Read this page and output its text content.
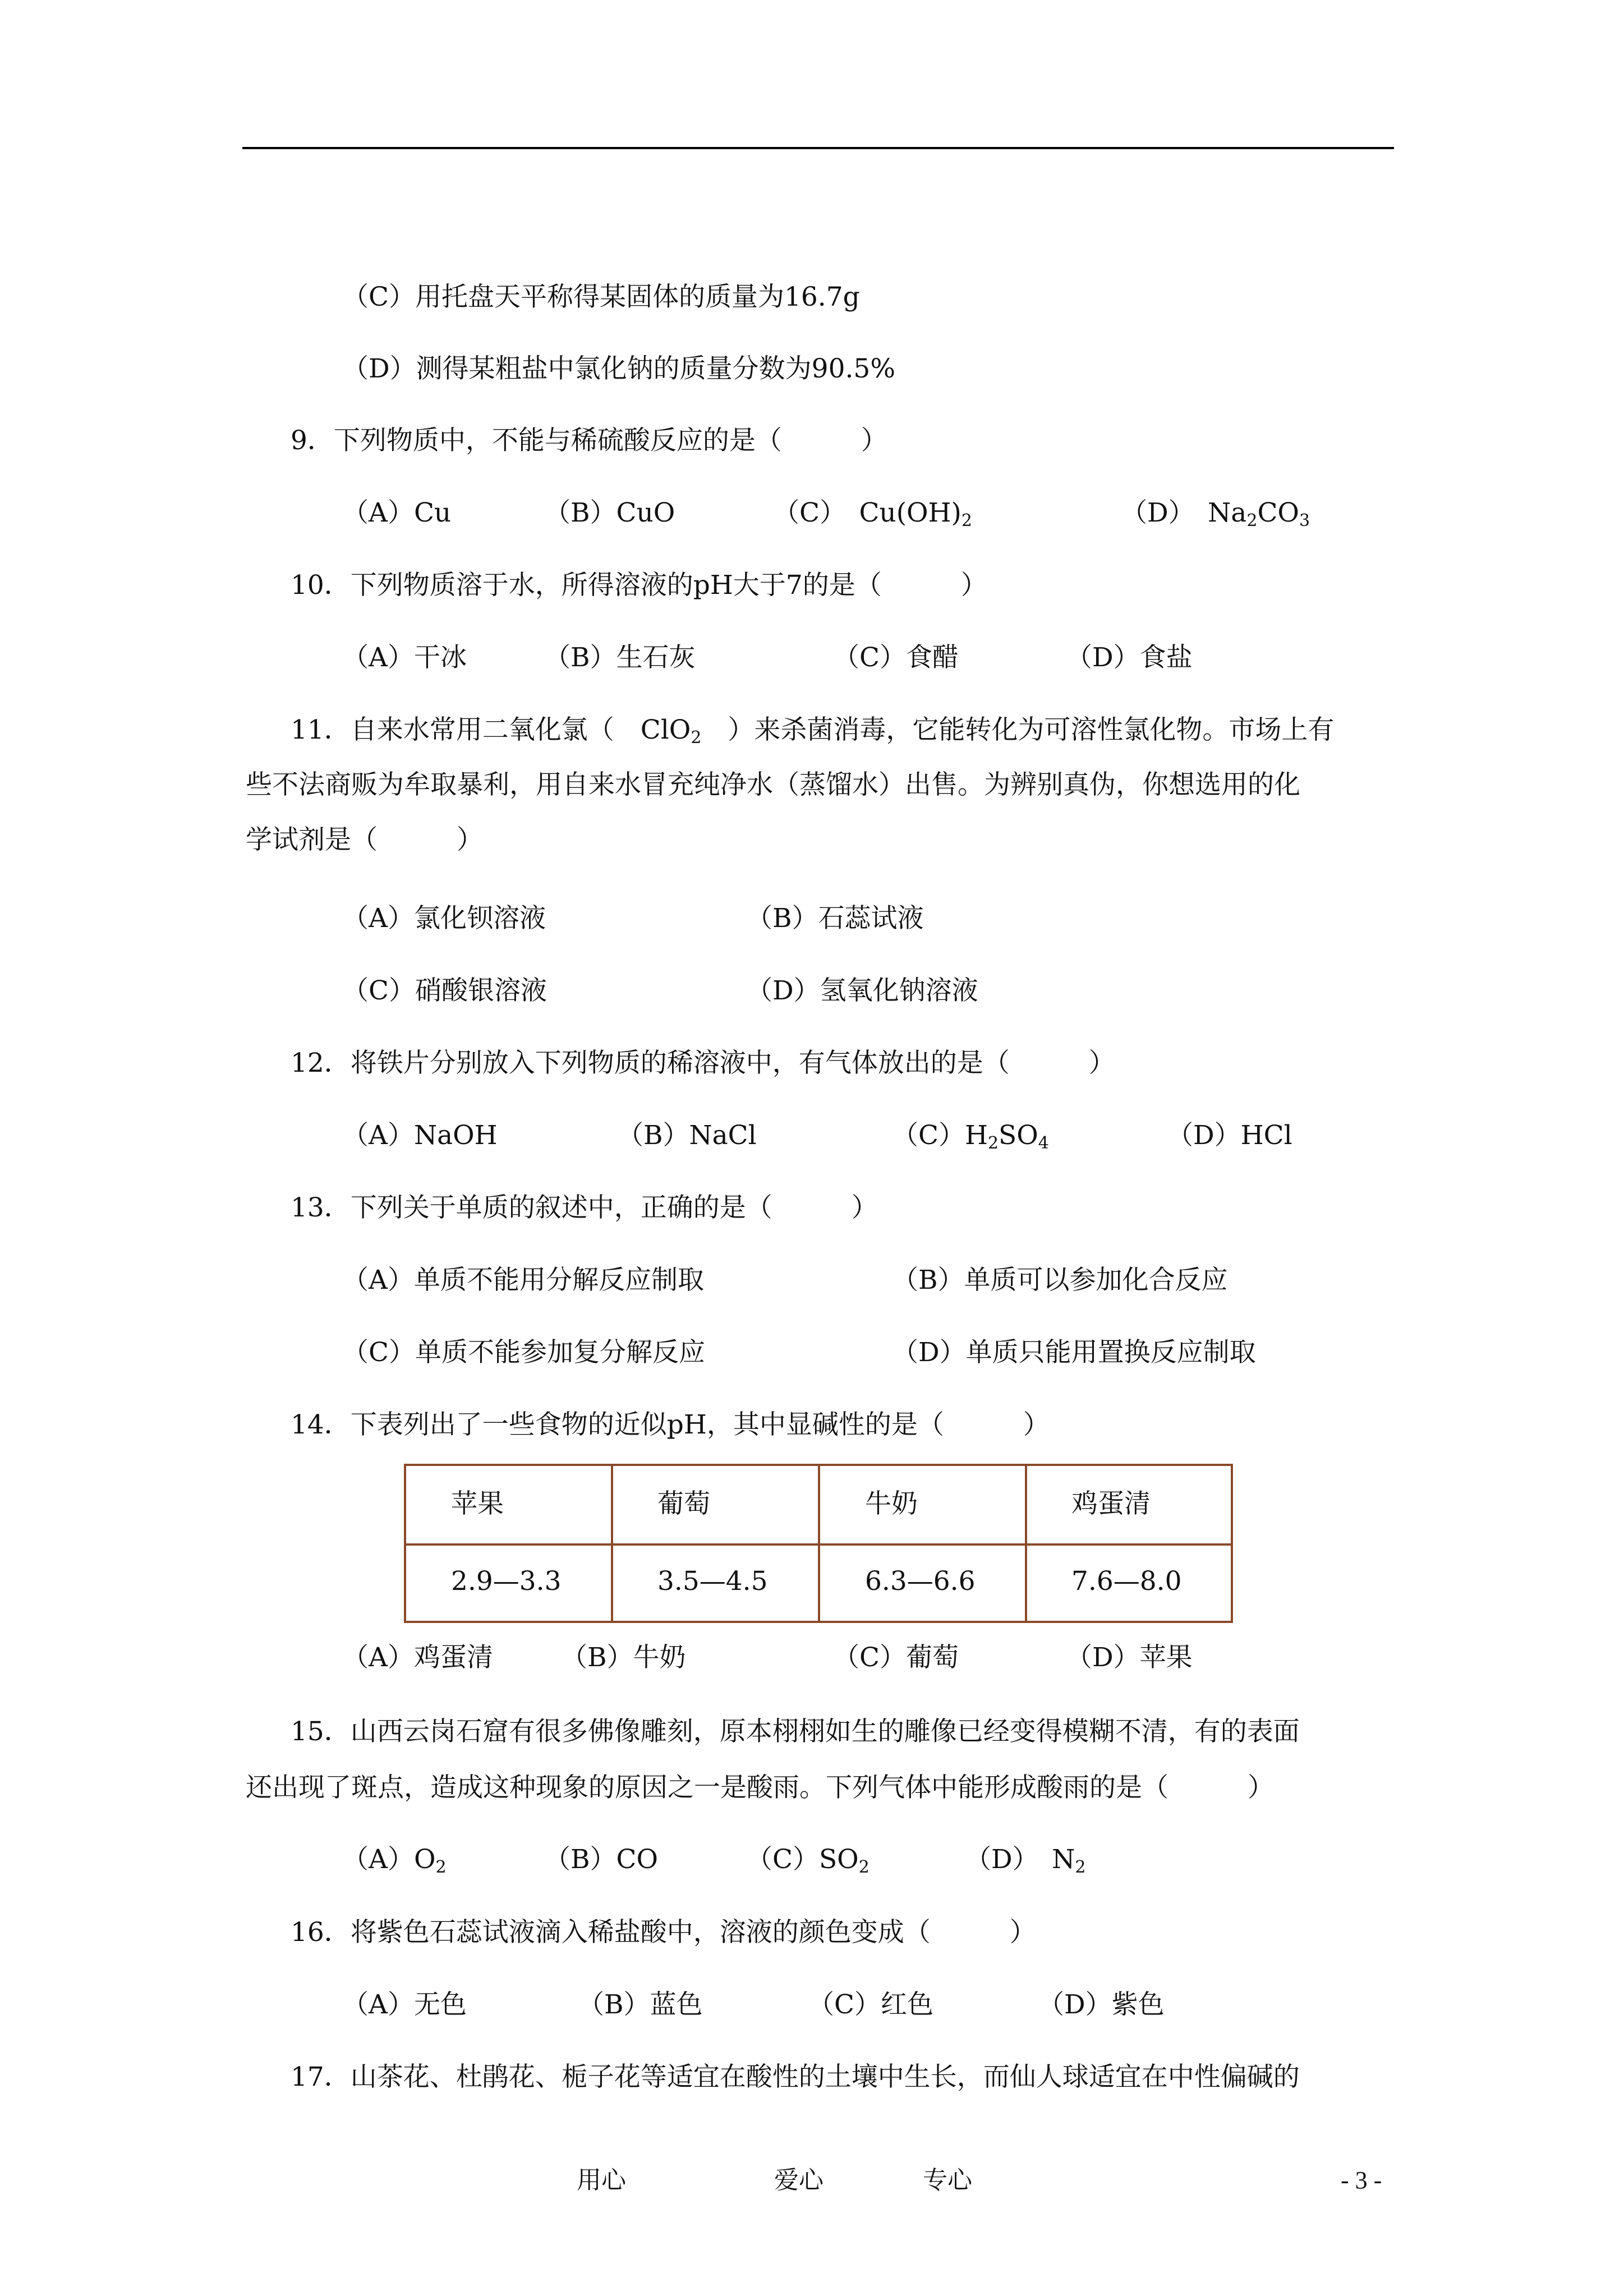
（C）用托盘天平称得某固体的质量为16.7g
（D）测得某粗盐中氯化钠的质量分数为90.5%
9．下列物质中，不能与稀硫酸反应的是（　　　）
（A）Cu	（B）CuO	（C）　$Cu(OH)_2$	（D）　$Na_2CO_3$
10．下列物质溶于水，所得溶液的pH大于7的是（　　　）
（A）干冰	（B）生石灰	（C）食醋	（D）食盐
11．自来水常用二氧化氯（　ClO$_2$　）来杀菌消毒，它能转化为可溶性氯化物。市场上有
些不法商贩为牟取暴利，用自来水冒充纯净水（蒸馏水）出售。为辨别真伪，你想选用的化
学试剂是（　　　）
（A）氯化钡溶液	（B）石蕊试液
（C）硝酸银溶液	（D）氢氧化钠溶液
12．将铁片分别放入下列物质的稀溶液中，有气体放出的是（　　　）
（A）NaOH	（B）NaCl	$(C)H_2SO_4$	（D）HCl
13．下列关于单质的叙述中，正确的是（　　　）
（A）单质不能用分解反应制取	（B）单质可以参加化合反应
（C）单质不能参加复分解反应	（D）单质只能用置换反应制取
14．下表列出了一些食物的近似pH，其中显碱性的是（　　　）
苹果	葡萄	牛奶	鸡蛋清
2.9—3.3	3.5—4.5	6.3—6.6	7.6—8.0
（A）鸡蛋清	（B）牛奶	（C）葡萄	（D）苹果
15．山西云岗石窟有很多佛像雕刻，原本栩栩如生的雕像已经变得模糊不清，有的表面
还出现了斑点，造成这种现象的原因之一是酸雨。下列气体中能形成酸雨的是（　　　）
$(A)O_2$	（B）CO	$(C)SO_2$	（D）　$N_2$
16．将紫色石蕊试液滴入稀盐酸中，溶液的颜色变成（　　　）
（A）无色	（B）蓝色	（C）红色	（D）紫色
17．山茶花、杜鹃花、栀子花等适宜在酸性的土壤中生长，而仙人球适宜在中性偏碱的
用心	爱心	专心	- 3 -
